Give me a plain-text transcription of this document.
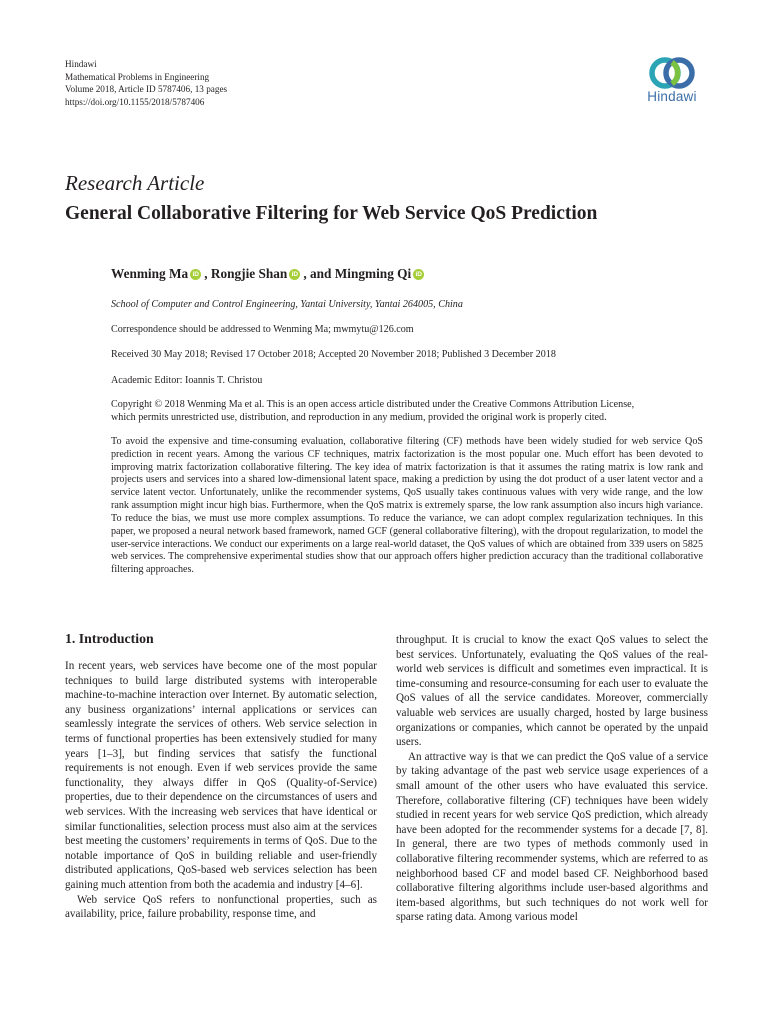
Hindawi
Mathematical Problems in Engineering
Volume 2018, Article ID 5787406, 13 pages
https://doi.org/10.1155/2018/5787406	Hindawi
Research Article
General Collaborative Filtering for Web Service QoS Prediction
Wenming Ma iD , Rongjie Shan iD , and Mingming Qi iD
School of Computer and Control Engineering, Yantai University, Yantai 264005, China
Correspondence should be addressed to Wenming Ma; mwmytu@126.com
Received 30 May 2018; Revised 17 October 2018; Accepted 20 November 2018; Published 3 December 2018
Academic Editor: Ioannis T. Christou
Copyright © 2018 Wenming Ma et al. This is an open access article distributed under the Creative Commons Attribution License,
which permits unrestricted use, distribution, and reproduction in any medium, provided the original work is properly cited.
To avoid the expensive and time-consuming evaluation, collaborative filtering (CF) methods have been widely studied for web service QoS prediction in recent years. Among the various CF techniques, matrix factorization is the most popular one. Much effort has been devoted to improving matrix factorization collaborative filtering. The key idea of matrix factorization is that it assumes the rating matrix is low rank and projects users and services into a shared low-dimensional latent space, making a prediction by using the dot product of a user latent vector and a service latent vector. Unfortunately, unlike the recommender systems, QoS usually takes continuous values with very wide range, and the low rank assumption might incur high bias. Furthermore, when the QoS matrix is extremely sparse, the low rank assumption also incurs high variance. To reduce the bias, we must use more complex assumptions. To reduce the variance, we can adopt complex regularization techniques. In this paper, we proposed a neural network based framework, named GCF (general collaborative filtering), with the dropout regularization, to model the user-service interactions. We conduct our experiments on a large real-world dataset, the QoS values of which are obtained from 339 users on 5825 web services. The comprehensive experimental studies show that our approach offers higher prediction accuracy than the traditional collaborative filtering approaches.
1. Introduction

In recent years, web services have become one of the most popular techniques to build large distributed systems with interoperable machine-to-machine interaction over Internet. By automatic selection, any business organizations’ internal applications or services can seamlessly integrate the services of others. Web service selection in terms of functional properties has been extensively studied for many years [1–3], but finding services that satisfy the functional requirements is not enough. Even if web services provide the same functionality, they always differ in QoS (Quality-of-Service) properties, due to their dependence on the circumstances of users and web services. With the increasing web services that have identical or similar functionalities, selection process must also aim at the services best meeting the customers’ requirements in terms of QoS. Due to the notable importance of QoS in building reliable and user-friendly distributed applications, QoS-based web services selection has been gaining much attention from both the academia and industry [4–6].

Web service QoS refers to nonfunctional properties, such as availability, price, failure probability, response time, and

throughput. It is crucial to know the exact QoS values to select the best services. Unfortunately, evaluating the QoS values of the real-world web services is difficult and sometimes even impractical. It is time-consuming and resource-consuming for each user to evaluate the QoS values of all the service candidates. Moreover, commercially valuable web services are usually charged, hosted by large business organizations or companies, which cannot be operated by the unpaid users.

An attractive way is that we can predict the QoS value of a service by taking advantage of the past web service usage experiences of a small amount of the other users who have evaluated this service. Therefore, collaborative filtering (CF) techniques have been widely studied in recent years for web service QoS prediction, which already have been adopted for the recommender systems for a decade [7, 8]. In general, there are two types of methods commonly used in collaborative filtering recommender systems, which are referred to as neighborhood based CF and model based CF. Neighborhood based collaborative filtering algorithms include user-based algorithms and item-based algorithms, but such techniques do not work well for sparse rating data. Among various model
